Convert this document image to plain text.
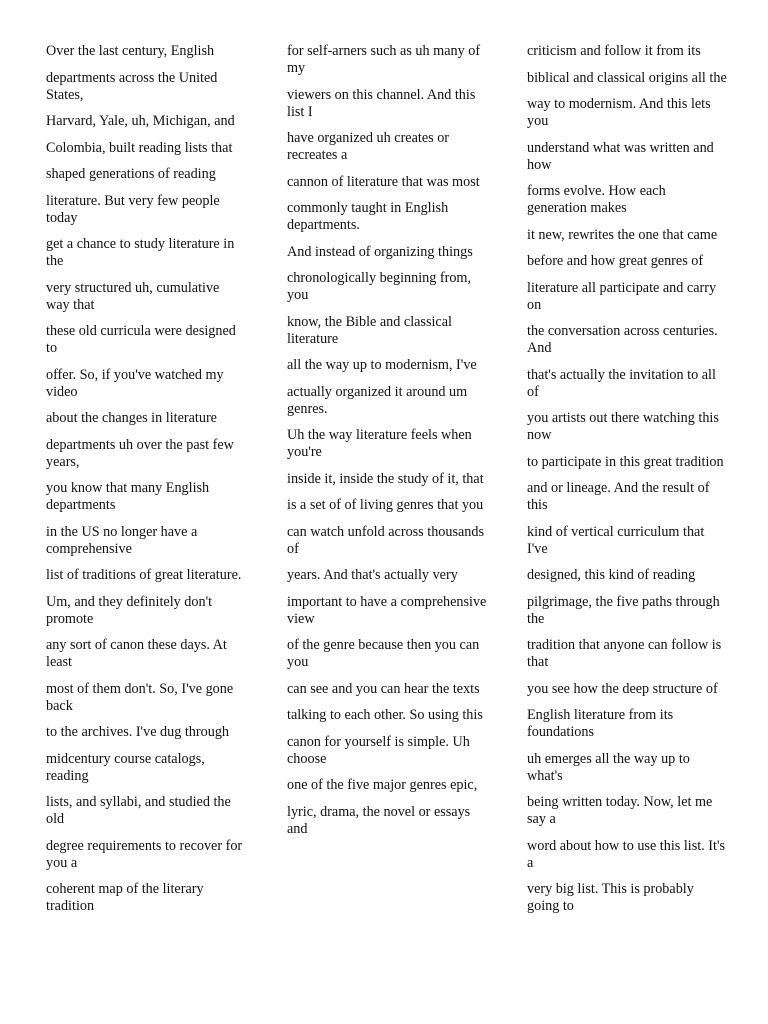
Over the last century, English
departments across the United States,
Harvard, Yale, uh, Michigan, and
Colombia, built reading lists that
shaped generations of reading
literature. But very few people today
get a chance to study literature in the
very structured uh, cumulative way that
these old curricula were designed to
offer. So, if you've watched my video
about the changes in literature
departments uh over the past few years,
you know that many English departments
in the US no longer have a comprehensive
list of traditions of great literature.
Um, and they definitely don't promote
any sort of canon these days. At least
most of them don't. So, I've gone back
to the archives. I've dug through
midcentury course catalogs, reading
lists, and syllabi, and studied the old
degree requirements to recover for you a
coherent map of the literary tradition
for self-arners such as uh many of my
viewers on this channel. And this list I
have organized uh creates or recreates a
cannon of literature that was most
commonly taught in English departments.
And instead of organizing things
chronologically beginning from, you
know, the Bible and classical literature
all the way up to modernism, I've
actually organized it around um genres.
Uh the way literature feels when you're
inside it, inside the study of it, that
is a set of of living genres that you
can watch unfold across thousands of
years. And that's actually very
important to have a comprehensive view
of the genre because then you can you
can see and you can hear the texts
talking to each other. So using this
canon for yourself is simple. Uh choose
one of the five major genres epic,
lyric, drama, the novel or essays and
criticism and follow it from its
biblical and classical origins all the
way to modernism. And this lets you
understand what was written and how
forms evolve. How each generation makes
it new, rewrites the one that came
before and how great genres of
literature all participate and carry on
the conversation across centuries. And
that's actually the invitation to all of
you artists out there watching this now
to participate in this great tradition
and or lineage. And the result of this
kind of vertical curriculum that I've
designed, this kind of reading
pilgrimage, the five paths through the
tradition that anyone can follow is that
you see how the deep structure of
English literature from its foundations
uh emerges all the way up to what's
being written today. Now, let me say a
word about how to use this list. It's a
very big list. This is probably going to
